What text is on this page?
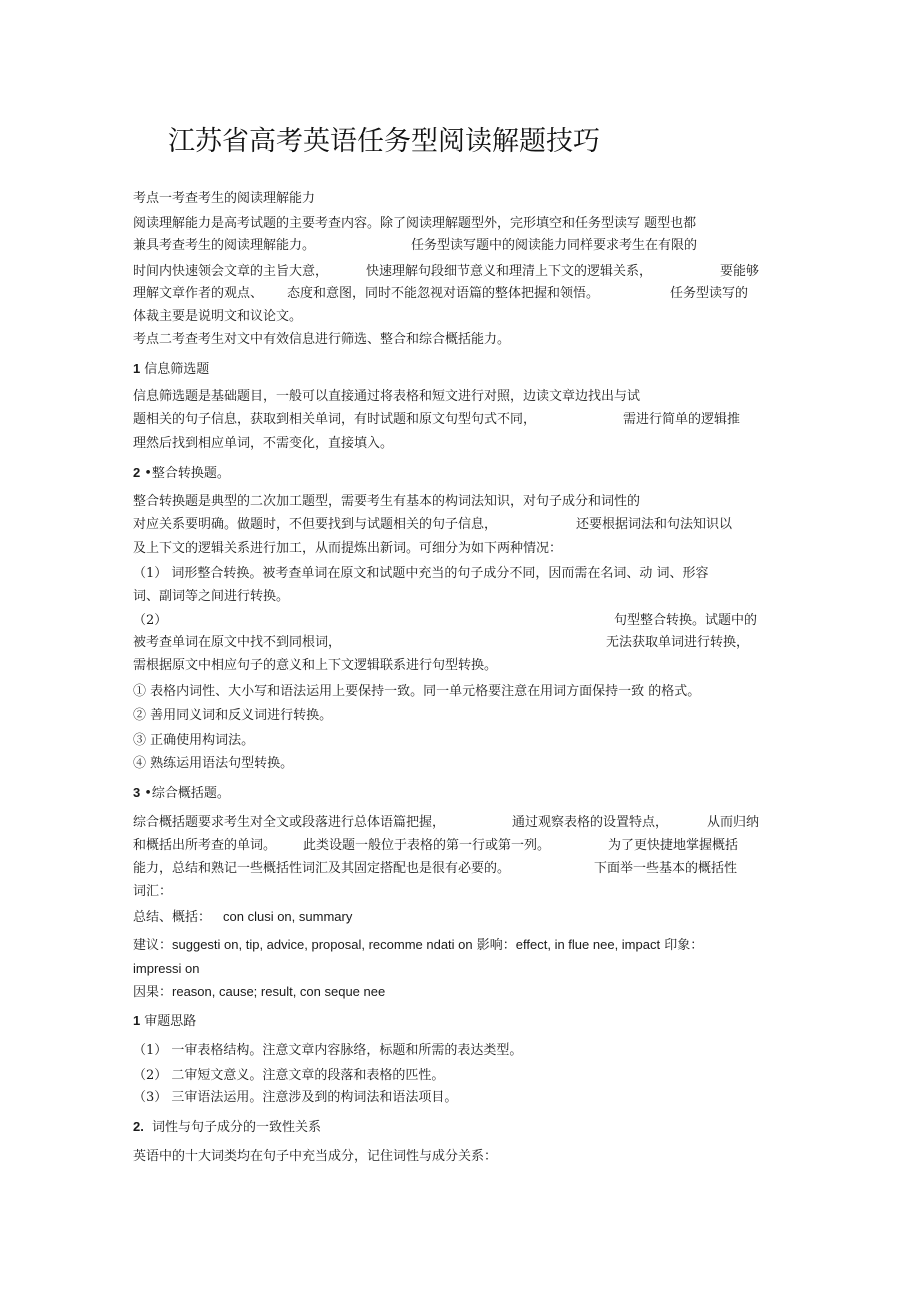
江苏省高考英语任务型阅读解题技巧
考点一考查考生的阅读理解能力
阅读理解能力是高考试题的主要考查内容。除了阅读理解题型外，完形填空和任务型读写 题型也都
兼具考查考生的阅读理解能力。	任务型读写题中的阅读能力同样要求考生在有限的
时间内快速领会文章的主旨大意，	快速理解句段细节意义和理清上下文的逻辑关系，	要能够
理解文章作者的观点、 态度和意图，同时不能忽视对语篇的整体把握和领悟。	任务型读写的
体裁主要是说明文和议论文。
考点二考查考生对文中有效信息进行筛选、整合和综合概括能力。
1 信息筛选题
信息筛选题是基础题目，一般可以直接通过将表格和短文进行对照，边读文章边找出与试
题相关的句子信息，获取到相关单词，有时试题和原文句型句式不同，	需进行简单的逻辑推
理然后找到相应单词，不需变化，直接填入。
2 •整合转换题。
整合转换题是典型的二次加工题型，需要考生有基本的构词法知识，对句子成分和词性的
对应关系要明确。做题时，不但要找到与试题相关的句子信息，	还要根据词法和句法知识以
及上下文的逻辑关系进行加工，从而提炼出新词。可细分为如下两种情况：
（1） 词形整合转换。被考查单词在原文和试题中充当的句子成分不同，因而需在名词、动 词、形容
词、副词等之间进行转换。
（2）	句型整合转换。试题中的
被考查单词在原文中找不到同根词，	无法获取单词进行转换，
需根据原文中相应句子的意义和上下文逻辑联系进行句型转换。
① 表格内词性、大小写和语法运用上要保持一致。同一单元格要注意在用词方面保持一致 的格式。
② 善用同义词和反义词进行转换。
③ 正确使用构词法。
④ 熟练运用语法句型转换。
3 •综合概括题。
综合概括题要求考生对全文或段落进行总体语篇把握，	通过观察表格的设置特点，	从而归纳
和概括出所考查的单词。 此类设题一般位于表格的第一行或第一列。	为了更快捷地掌握概括
能力，总结和熟记一些概括性词汇及其固定搭配也是很有必要的。	下面举一些基本的概括性
词汇：
总结、概括： con clusi on, summary
建议：suggesti on, tip, advice, proposal, recomme ndati on 影响：effect, in flue nee, impact 印象：
impressi on
因果：reason, cause; result, con seque nee
1 审题思路
（1） 一审表格结构。注意文章内容脉络，标题和所需的表达类型。
（2） 二审短文意义。注意文章的段落和表格的匹性。
（3） 三审语法运用。注意涉及到的构词法和语法项目。
2. 词性与句子成分的一致性关系
英语中的十大词类均在句子中充当成分，记住词性与成分关系：
